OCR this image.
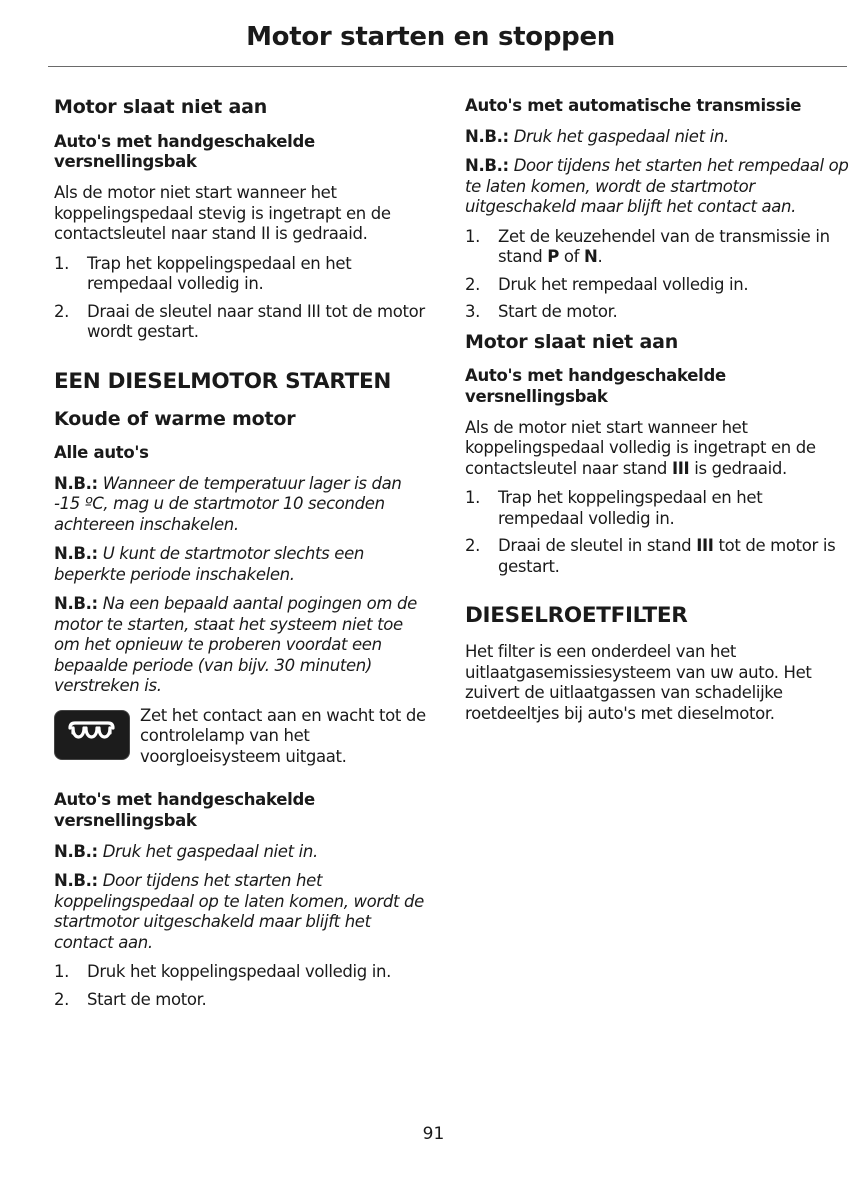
Motor starten en stoppen
Motor slaat niet aan
Auto's met handgeschakelde versnellingsbak

Als de motor niet start wanneer het koppelingspedaal stevig is ingetrapt en de contactsleutel naar stand II is gedraaid.

1. Trap het koppelingspedaal en het rempedaal volledig in.
2. Draai de sleutel naar stand III tot de motor wordt gestart.
EEN DIESELMOTOR STARTEN
Koude of warme motor
Alle auto's

N.B.: Wanneer de temperatuur lager is dan -15 ºC, mag u de startmotor 10 seconden achtereen inschakelen.

N.B.: U kunt de startmotor slechts een beperkte periode inschakelen.

N.B.: Na een bepaald aantal pogingen om de motor te starten, staat het systeem niet toe om het opnieuw te proberen voordat een bepaalde periode (van bijv. 30 minuten) verstreken is.

Zet het contact aan en wacht tot de controlelamp van het voorgloeisysteem uitgaat.

Auto's met handgeschakelde versnellingsbak

N.B.: Druk het gaspedaal niet in.

N.B.: Door tijdens het starten het koppelingspedaal op te laten komen, wordt de startmotor uitgeschakeld maar blijft het contact aan.

1. Druk het koppelingspedaal volledig in.
2. Start de motor.
Auto's met automatische transmissie

N.B.: Druk het gaspedaal niet in.

N.B.: Door tijdens het starten het rempedaal op te laten komen, wordt de startmotor uitgeschakeld maar blijft het contact aan.

1. Zet de keuzehendel van de transmissie in stand P of N.
2. Druk het rempedaal volledig in.
3. Start de motor.
Motor slaat niet aan
Auto's met handgeschakelde versnellingsbak

Als de motor niet start wanneer het koppelingspedaal volledig is ingetrapt en de contactsleutel naar stand III is gedraaid.

1. Trap het koppelingspedaal en het rempedaal volledig in.
2. Draai de sleutel in stand III tot de motor is gestart.
DIESELROETFILTER

Het filter is een onderdeel van het uitlaatgasemissiesysteem van uw auto. Het zuivert de uitlaatgassen van schadelijke roetdeeltjes bij auto's met dieselmotor.

91
